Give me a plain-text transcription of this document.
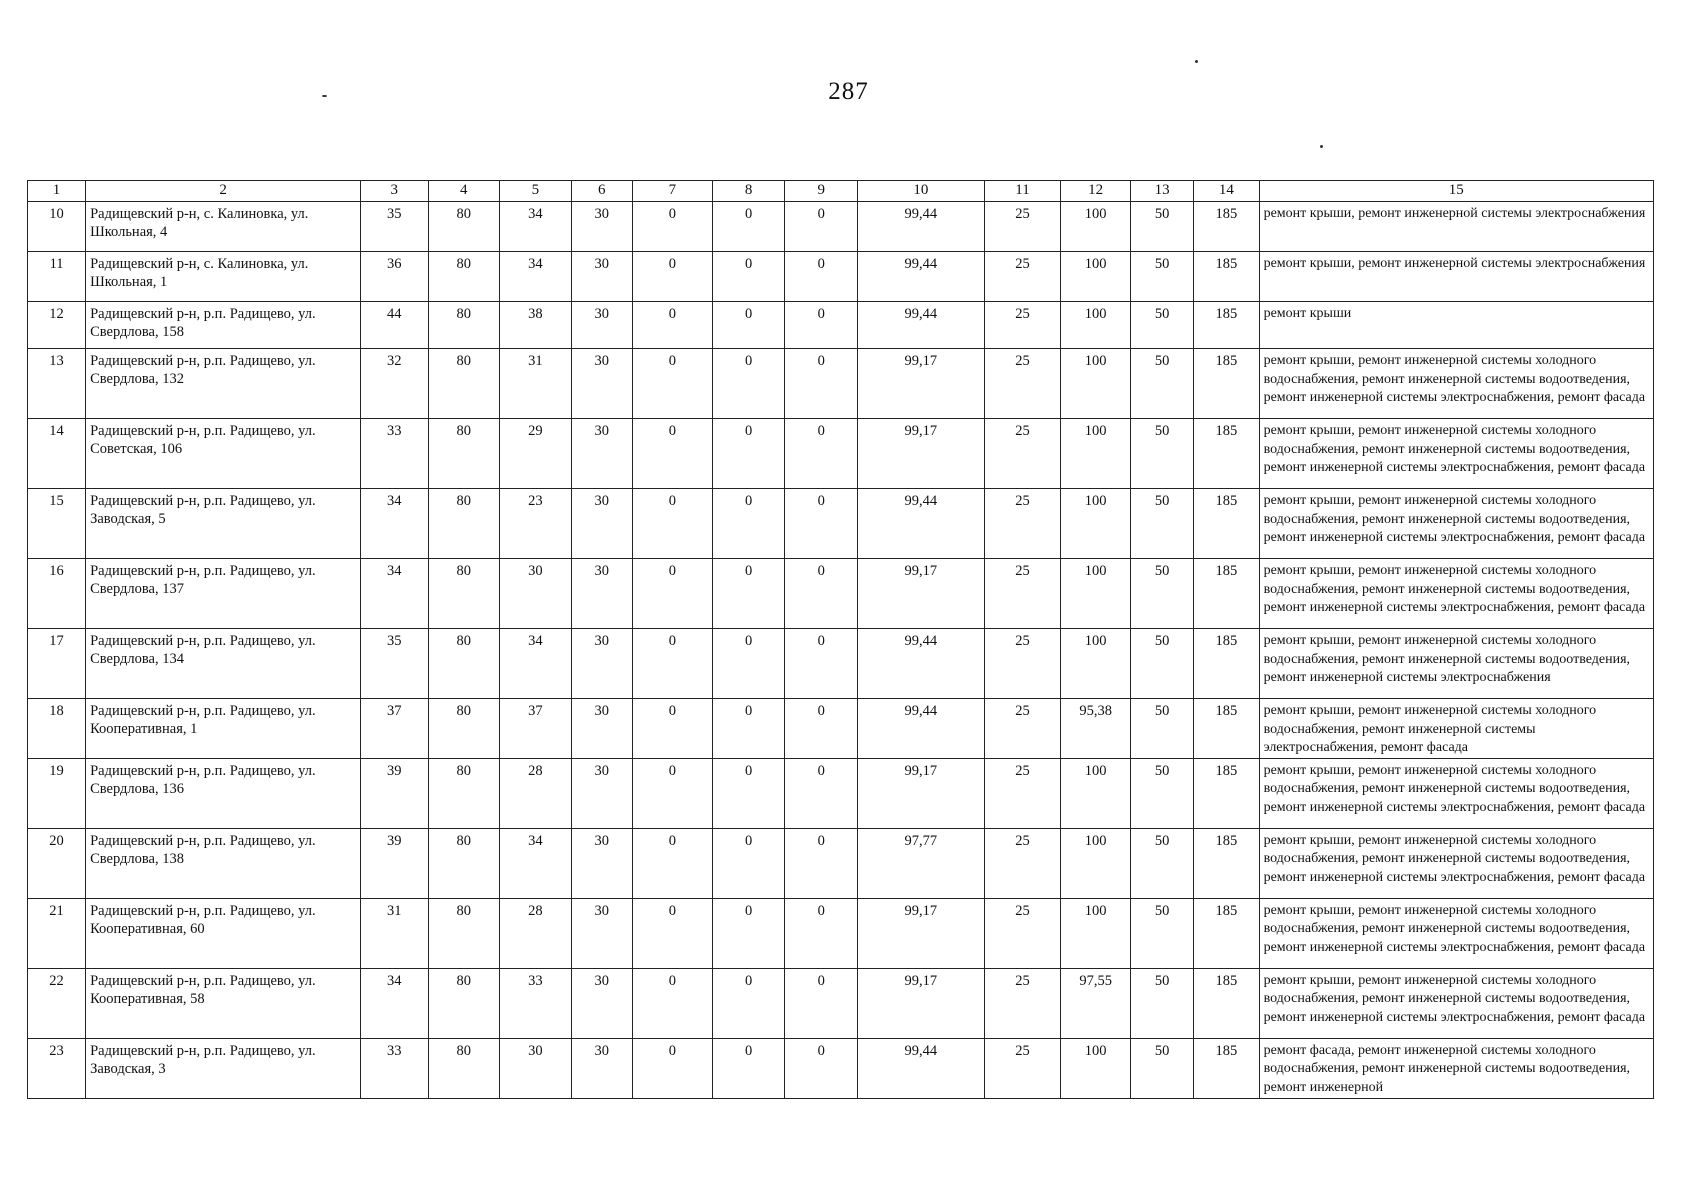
287
1	2	3	4	5	6	7	8	9	10	11	12	13	14	15
10	Радищевский р-н, с. Калиновка, ул. Школьная, 4	35	80	34	30	0	0	0	99,44	25	100	50	185	ремонт крыши, ремонт инженерной системы электроснабжения
11	Радищевский р-н, с. Калиновка, ул. Школьная, 1	36	80	34	30	0	0	0	99,44	25	100	50	185	ремонт крыши, ремонт инженерной системы электроснабжения
12	Радищевский р-н, р.п. Радищево, ул. Свердлова, 158	44	80	38	30	0	0	0	99,44	25	100	50	185	ремонт крыши
13	Радищевский р-н, р.п. Радищево, ул. Свердлова, 132	32	80	31	30	0	0	0	99,17	25	100	50	185	ремонт крыши, ремонт инженерной системы холодного водоснабжения, ремонт инженерной системы водоотведения, ремонт инженерной системы электроснабжения, ремонт фасада
14	Радищевский р-н, р.п. Радищево, ул. Советская, 106	33	80	29	30	0	0	0	99,17	25	100	50	185	ремонт крыши, ремонт инженерной системы холодного водоснабжения, ремонт инженерной системы водоотведения, ремонт инженерной системы электроснабжения, ремонт фасада
15	Радищевский р-н, р.п. Радищево, ул. Заводская, 5	34	80	23	30	0	0	0	99,44	25	100	50	185	ремонт крыши, ремонт инженерной системы холодного водоснабжения, ремонт инженерной системы водоотведения, ремонт инженерной системы электроснабжения, ремонт фасада
16	Радищевский р-н, р.п. Радищево, ул. Свердлова, 137	34	80	30	30	0	0	0	99,17	25	100	50	185	ремонт крыши, ремонт инженерной системы холодного водоснабжения, ремонт инженерной системы водоотведения, ремонт инженерной системы электроснабжения, ремонт фасада
17	Радищевский р-н, р.п. Радищево, ул. Свердлова, 134	35	80	34	30	0	0	0	99,44	25	100	50	185	ремонт крыши, ремонт инженерной системы холодного водоснабжения, ремонт инженерной системы водоотведения, ремонт инженерной системы электроснабжения
18	Радищевский р-н, р.п. Радищево, ул. Кооперативная, 1	37	80	37	30	0	0	0	99,44	25	95,38	50	185	ремонт крыши, ремонт инженерной системы холодного водоснабжения, ремонт инженерной системы электроснабжения, ремонт фасада
19	Радищевский р-н, р.п. Радищево, ул. Свердлова, 136	39	80	28	30	0	0	0	99,17	25	100	50	185	ремонт крыши, ремонт инженерной системы холодного водоснабжения, ремонт инженерной системы водоотведения, ремонт инженерной системы электроснабжения, ремонт фасада
20	Радищевский р-н, р.п. Радищево, ул. Свердлова, 138	39	80	34	30	0	0	0	97,77	25	100	50	185	ремонт крыши, ремонт инженерной системы холодного водоснабжения, ремонт инженерной системы водоотведения, ремонт инженерной системы электроснабжения, ремонт фасада
21	Радищевский р-н, р.п. Радищево, ул. Кооперативная, 60	31	80	28	30	0	0	0	99,17	25	100	50	185	ремонт крыши, ремонт инженерной системы холодного водоснабжения, ремонт инженерной системы водоотведения, ремонт инженерной системы электроснабжения, ремонт фасада
22	Радищевский р-н, р.п. Радищево, ул. Кооперативная, 58	34	80	33	30	0	0	0	99,17	25	97,55	50	185	ремонт крыши, ремонт инженерной системы холодного водоснабжения, ремонт инженерной системы водоотведения, ремонт инженерной системы электроснабжения, ремонт фасада
23	Радищевский р-н, р.п. Радищево, ул. Заводская, 3	33	80	30	30	0	0	0	99,44	25	100	50	185	ремонт фасада, ремонт инженерной системы холодного водоснабжения, ремонт инженерной системы водоотведения, ремонт инженерной
